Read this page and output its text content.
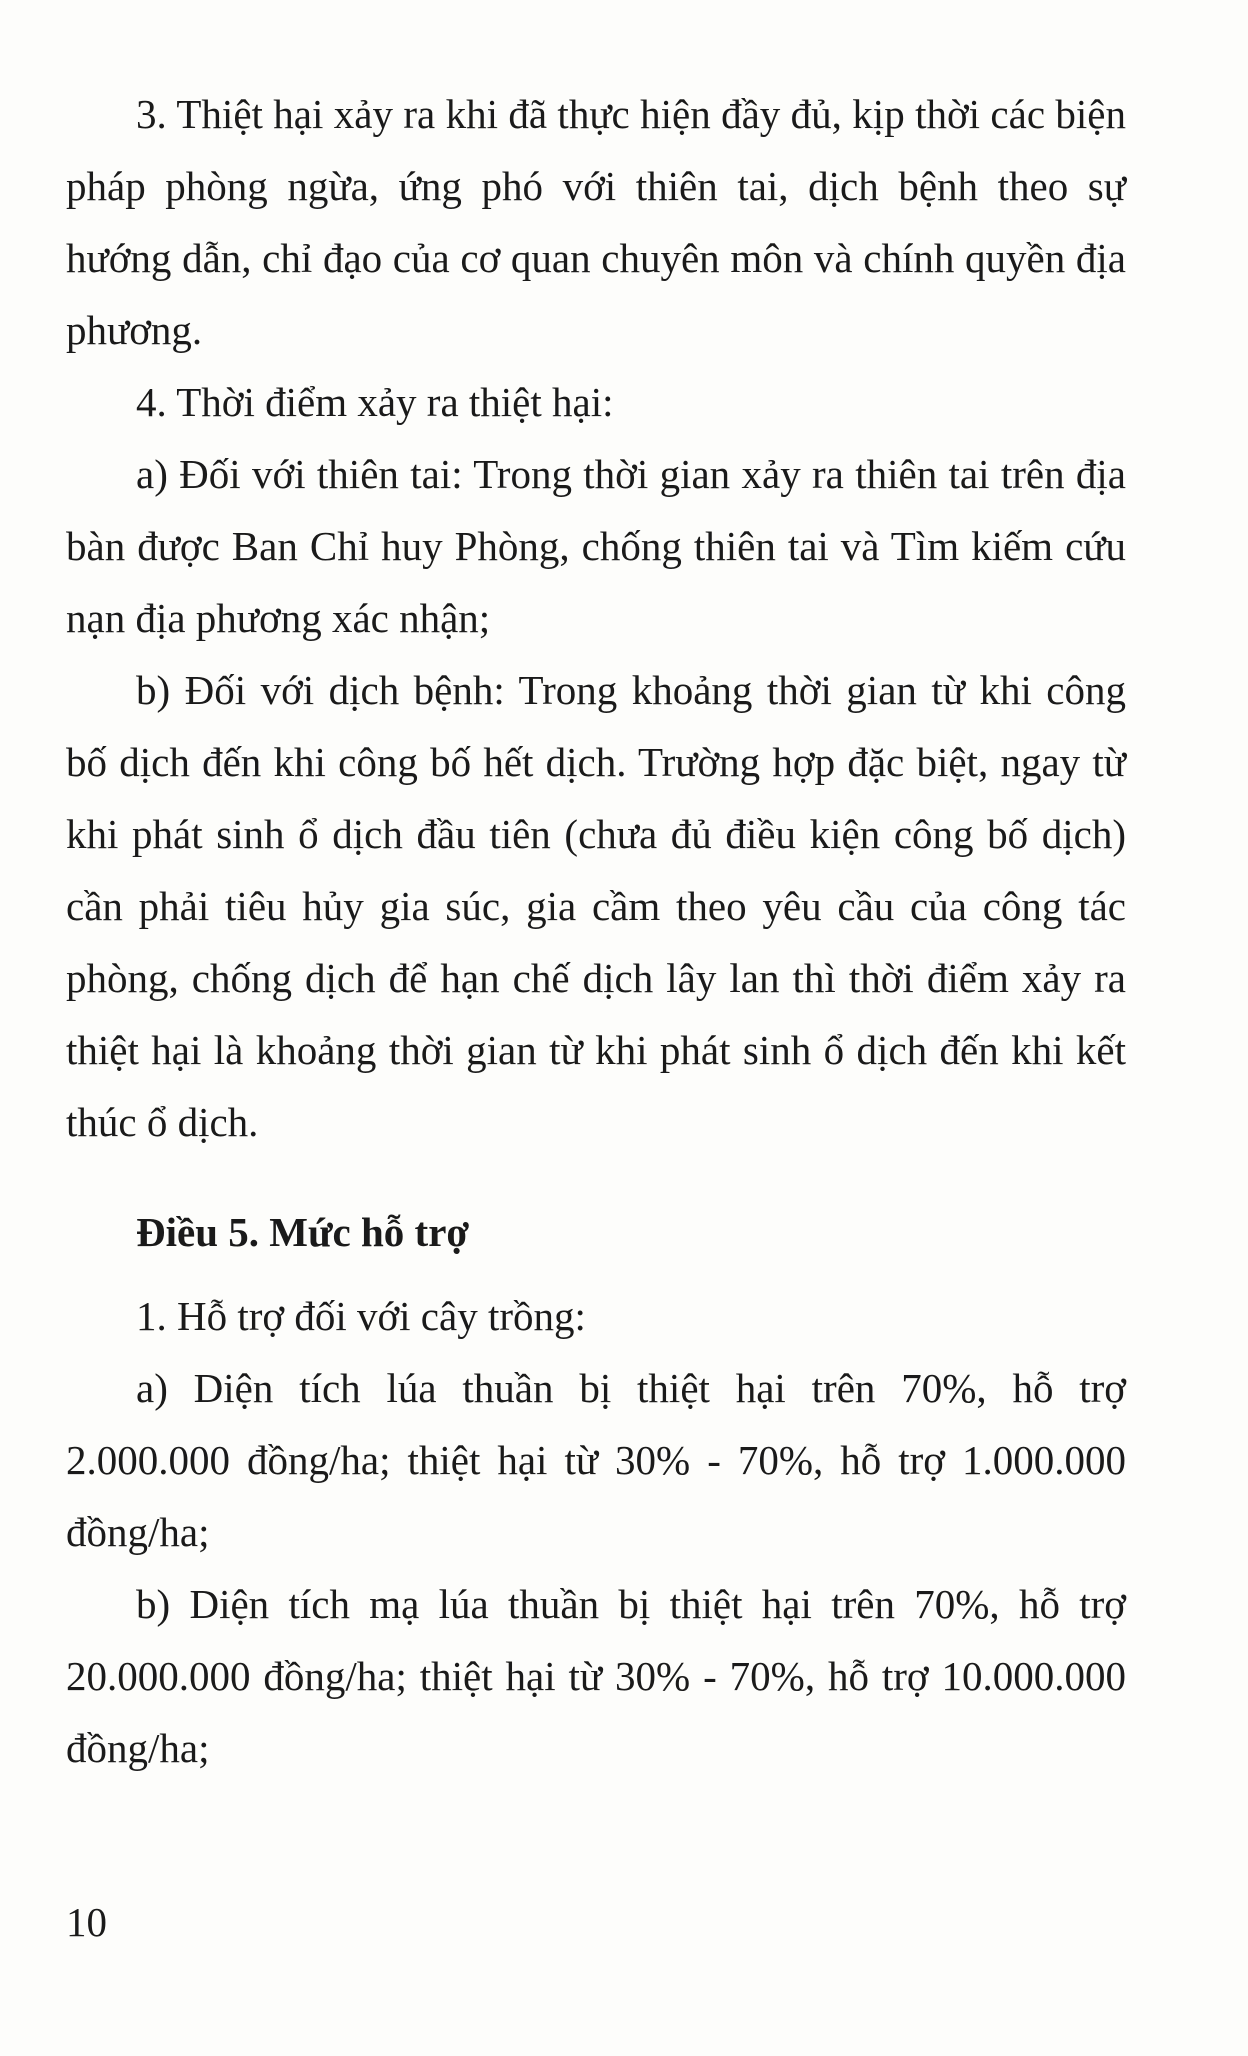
3. Thiệt hại xảy ra khi đã thực hiện đầy đủ, kịp thời các biện pháp phòng ngừa, ứng phó với thiên tai, dịch bệnh theo sự hướng dẫn, chỉ đạo của cơ quan chuyên môn và chính quyền địa phương.

4. Thời điểm xảy ra thiệt hại:

a) Đối với thiên tai: Trong thời gian xảy ra thiên tai trên địa bàn được Ban Chỉ huy Phòng, chống thiên tai và Tìm kiếm cứu nạn địa phương xác nhận;

b) Đối với dịch bệnh: Trong khoảng thời gian từ khi công bố dịch đến khi công bố hết dịch. Trường hợp đặc biệt, ngay từ khi phát sinh ổ dịch đầu tiên (chưa đủ điều kiện công bố dịch) cần phải tiêu hủy gia súc, gia cầm theo yêu cầu của công tác phòng, chống dịch để hạn chế dịch lây lan thì thời điểm xảy ra thiệt hại là khoảng thời gian từ khi phát sinh ổ dịch đến khi kết thúc ổ dịch.

Điều 5. Mức hỗ trợ

1. Hỗ trợ đối với cây trồng:

a) Diện tích lúa thuần bị thiệt hại trên 70%, hỗ trợ 2.000.000 đồng/ha; thiệt hại từ 30% - 70%, hỗ trợ 1.000.000 đồng/ha;

b) Diện tích mạ lúa thuần bị thiệt hại trên 70%, hỗ trợ 20.000.000 đồng/ha; thiệt hại từ 30% - 70%, hỗ trợ 10.000.000 đồng/ha;

10
